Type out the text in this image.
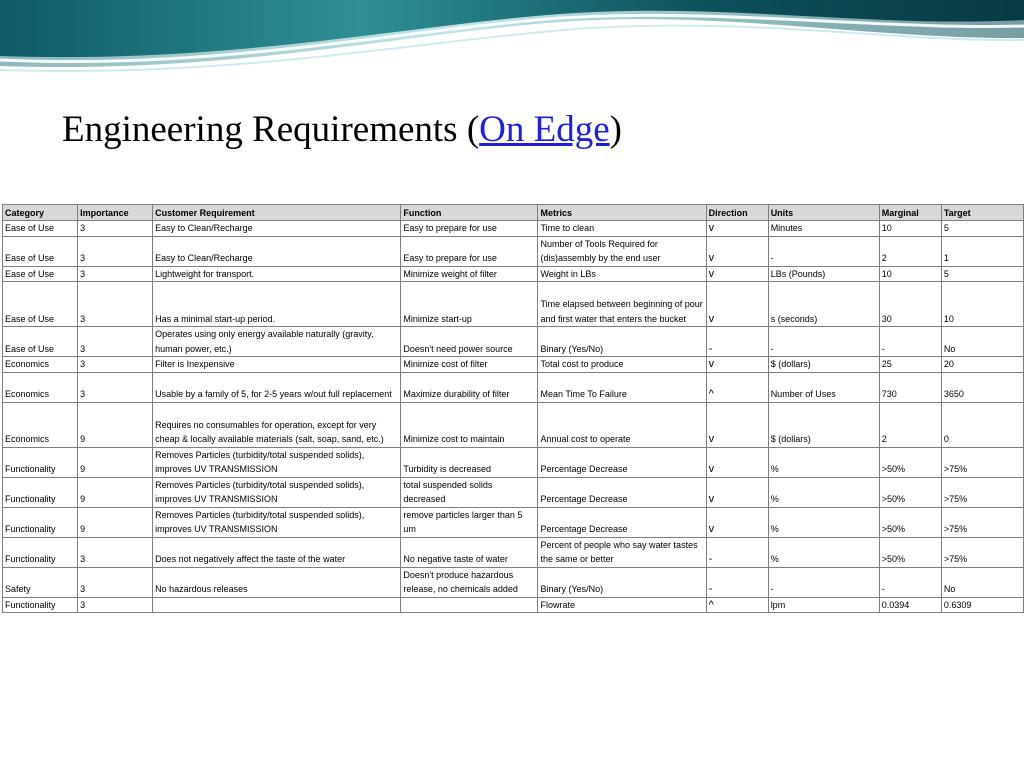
Engineering Requirements (On Edge)
Category	Importance	Customer Requirement	Function	Metrics	Direction	Units	Marginal	Target
Ease of Use	3	Easy to Clean/Recharge	Easy to prepare for use	Time to clean	v	Minutes	10	5
Ease of Use	3	Easy to Clean/Recharge	Easy to prepare for use	Number of Tools Required for (dis)assembly by the end user	v	-	2	1
Ease of Use	3	Lightweight for transport.	Minimize weight of filter	Weight in LBs	v	LBs (Pounds)	10	5
Ease of Use	3	Has a minimal start-up period.	Minimize start-up	Time elapsed between beginning of pour and first water that enters the bucket	v	s (seconds)	30	10
Ease of Use	3	Operates using only energy available naturally (gravity, human power, etc.)	Doesn't need power source	Binary (Yes/No)	-	-	-	No
Economics	3	Filter is Inexpensive	Minimize cost of filter	Total cost to produce	v	$ (dollars)	25	20
Economics	3	Usable by a family of 5, for 2-5 years w/out full replacement	Maximize durability of filter	Mean Time To Failure	^	Number of Uses	730	3650
Economics	9	Requires no consumables for operation, except for very cheap & locally available materials (salt, soap, sand, etc.)	Minimize cost to maintain	Annual cost to operate	v	$ (dollars)	2	0
Functionality	9	Removes Particles (turbidity/total suspended solids), improves UV TRANSMISSION	Turbidity is decreased	Percentage Decrease	v	%	>50%	>75%
Functionality	9	Removes Particles (turbidity/total suspended solids), improves UV TRANSMISSION	total suspended solids decreased	Percentage Decrease	v	%	>50%	>75%
Functionality	9	Removes Particles (turbidity/total suspended solids), improves UV TRANSMISSION	remove particles larger than 5 um	Percentage Decrease	v	%	>50%	>75%
Functionality	3	Does not negatively affect the taste of the water	No negative taste of water	Percent of people who say water tastes the same or better	-	%	>50%	>75%
Safety	3	No hazardous releases	Doesn't produce hazardous release, no chemicals added	Binary (Yes/No)	-	-	-	No
Functionality	3			Flowrate	^	lpm	0.0394	0.6309
